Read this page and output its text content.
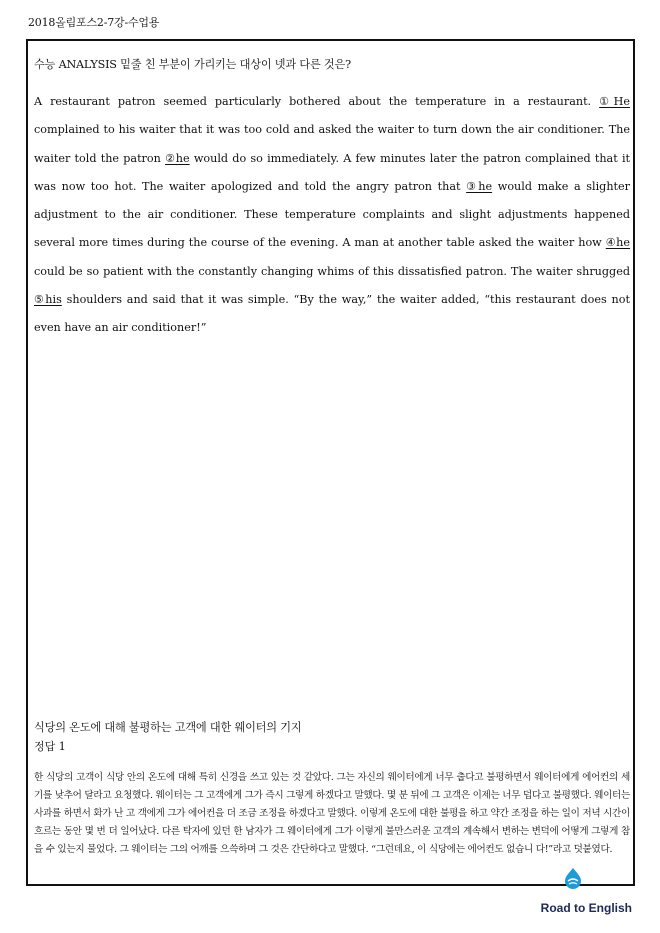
2018올림포스2-7강-수업용
수능 ANALYSIS 밑줄 친 부분이 가리키는 대상이 넷과 다른 것은?
A restaurant patron seemed particularly bothered about the temperature in a restaurant. ①He complained to his waiter that it was too cold and asked the waiter to turn down the air conditioner. The waiter told the patron ②he would do so immediately. A few minutes later the patron complained that it was now too hot. The waiter apologized and told the angry patron that ③he would make a slighter adjustment to the air conditioner. These temperature complaints and slight adjustments happened several more times during the course of the evening. A man at another table asked the waiter how ④he could be so patient with the constantly changing whims of this dissatisfied patron. The waiter shrugged ⑤his shoulders and said that it was simple. “By the way,” the waiter added, “this restaurant does not even have an air conditioner!”
식당의 온도에 대해 불평하는 고객에 대한 웨이터의 기지
정답 1
한 식당의 고객이 식당 안의 온도에 대해 특히 신경을 쓰고 있는 것 같았다. 그는 자신의 웨이터에게 너무 춥다고 불평하면서 웨이터에게 에어컨의 세기를 낮추어 달라고 요청했다. 웨이터는 그 고객에게 그가 즉시 그렇게 하겠다고 말했다. 몇 분 뒤에 그 고객은 이제는 너무 덥다고 불평했다. 웨이터는 사과를 하면서 화가 난 고 객에게 그가 에어컨을 더 조금 조정을 하겠다고 말했다. 이렇게 온도에 대한 불평을 하고 약간 조정을 하는 일이 저녁 시간이 흐르는 동안 몇 번 더 일어났다. 다른 탁자에 있던 한 남자가 그 웨이터에게 그가 이렇게 불만스러운 고객의 계속해서 변하는 변덕에 어떻게 그렇게 참을 수 있는지 물었다. 그 웨이터는 그의 어깨를 으쓱하며 그 것은 간단하다고 말했다. “그런데요, 이 식당에는 에어컨도 없습니 다!”라고 덧붙였다.
Road to English
